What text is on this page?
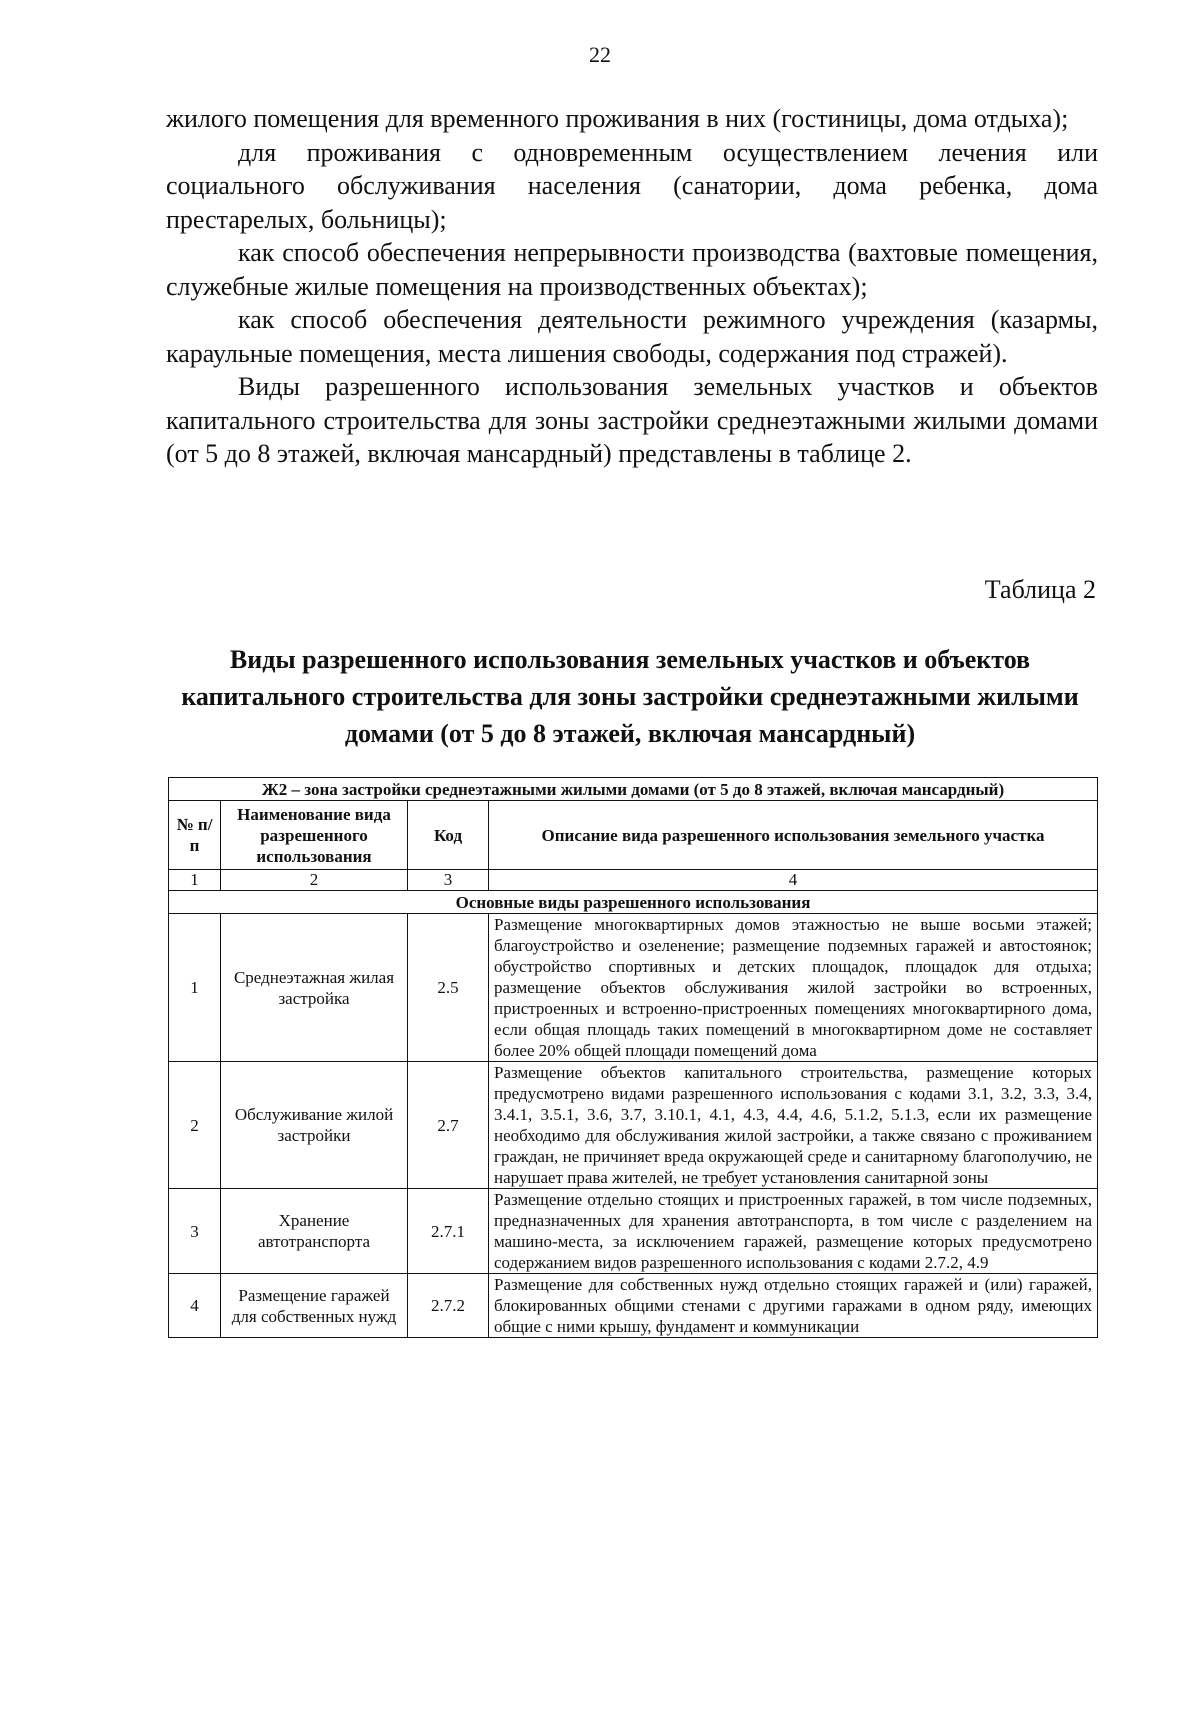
22

жилого помещения для временного проживания в них (гостиницы, дома отдыха);

для проживания с одновременным осуществлением лечения или социального обслуживания населения (санатории, дома ребенка, дома престарелых, больницы);

как способ обеспечения непрерывности производства (вахтовые помещения, служебные жилые помещения на производственных объектах);

как способ обеспечения деятельности режимного учреждения (казармы, караульные помещения, места лишения свободы, содержания под стражей).

Виды разрешенного использования земельных участков и объектов капитального строительства для зоны застройки среднеэтажными жилыми домами (от 5 до 8 этажей, включая мансардный) представлены в таблице 2.

Таблица 2
Виды разрешенного использования земельных участков и объектов капитального строительства для зоны застройки среднеэтажными жилыми домами (от 5 до 8 этажей, включая мансардный)
Ж2 – зона застройки среднеэтажными жилыми домами (от 5 до 8 этажей, включая мансардный)			
№ п/п	Наименование вида разрешенного использования	Код	Описание вида разрешенного использования земельного участка
1	2	3	4
Основные виды разрешенного использования			
1	Среднеэтажная жилая застройка	2.5	Размещение многоквартирных домов этажностью не выше восьми этажей; благоустройство и озеленение; размещение подземных гаражей и автостоянок; обустройство спортивных и детских площадок, площадок для отдыха; размещение объектов обслуживания жилой застройки во встроенных, пристроенных и встроенно-пристроенных помещениях многоквартирного дома, если общая площадь таких помещений в многоквартирном доме не составляет более 20% общей площади помещений дома
2	Обслуживание жилой застройки	2.7	Размещение объектов капитального строительства, размещение которых предусмотрено видами разрешенного использования с кодами 3.1, 3.2, 3.3, 3.4, 3.4.1, 3.5.1, 3.6, 3.7, 3.10.1, 4.1, 4.3, 4.4, 4.6, 5.1.2, 5.1.3, если их размещение необходимо для обслуживания жилой застройки, а также связано с проживанием граждан, не причиняет вреда окружающей среде и санитарному благополучию, не нарушает права жителей, не требует установления санитарной зоны
3	Хранение автотранспорта	2.7.1	Размещение отдельно стоящих и пристроенных гаражей, в том числе подземных, предназначенных для хранения автотранспорта, в том числе с разделением на машино-места, за исключением гаражей, размещение которых предусмотрено содержанием видов разрешенного использования с кодами 2.7.2, 4.9
4	Размещение гаражей для собственных нужд	2.7.2	Размещение для собственных нужд отдельно стоящих гаражей и (или) гаражей, блокированных общими стенами с другими гаражами в одном ряду, имеющих общие с ними крышу, фундамент и коммуникации
